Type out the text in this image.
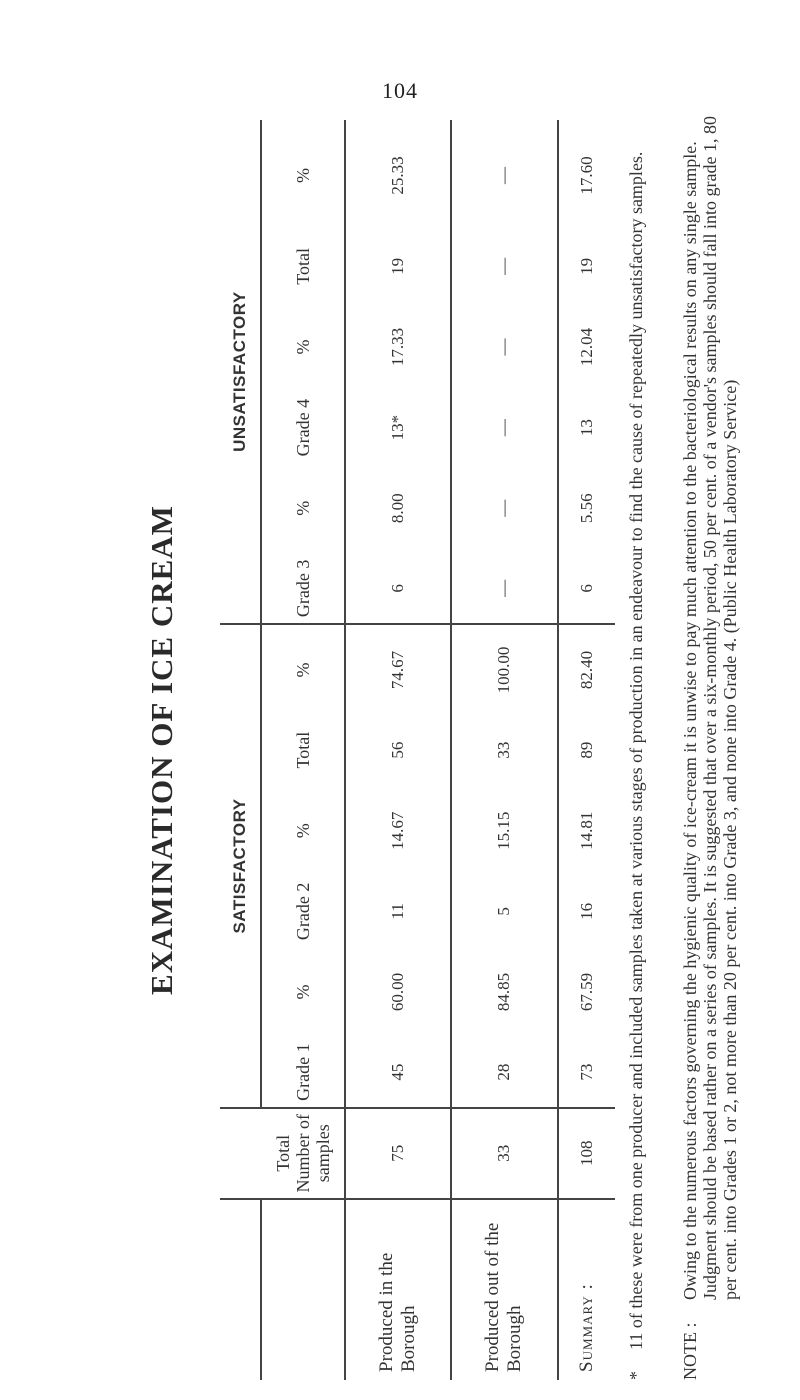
104
EXAMINATION OF ICE CREAM
			SATISFACTORY						UNSATISFACTORY					
	Total Number of samples	Grade 1	%	Grade 2	%	Total	%	Grade 3	%	Grade 4	%	Total	%
Produced in the Borough	75	45	60.00	11	14.67	56	74.67	6	8.00	13*	17.33	19	25.33
Produced out of the Borough	33	28	84.85	5	15.15	33	100.00	—	—	—	—	—	—
Summary :	108	73	67.59	16	14.81	89	82.40	6	5.56	13	12.04	19	17.60
*
11 of these were from one producer and included samples taken at various stages of production in an endeavour to find the cause of repeatedly unsatisfactory samples.
NOTE :
Owing to the numerous factors governing the hygienic quality of ice-cream it is unwise to pay much attention to the bacteriological results on any single sample. Judgment should be based rather on a series of samples. It is suggested that over a six-monthly period, 50 per cent. of a vendor's samples should fall into grade 1, 80 per cent. into Grades 1 or 2, not more than 20 per cent. into Grade 3, and none into Grade 4. (Public Health Laboratory Service)
